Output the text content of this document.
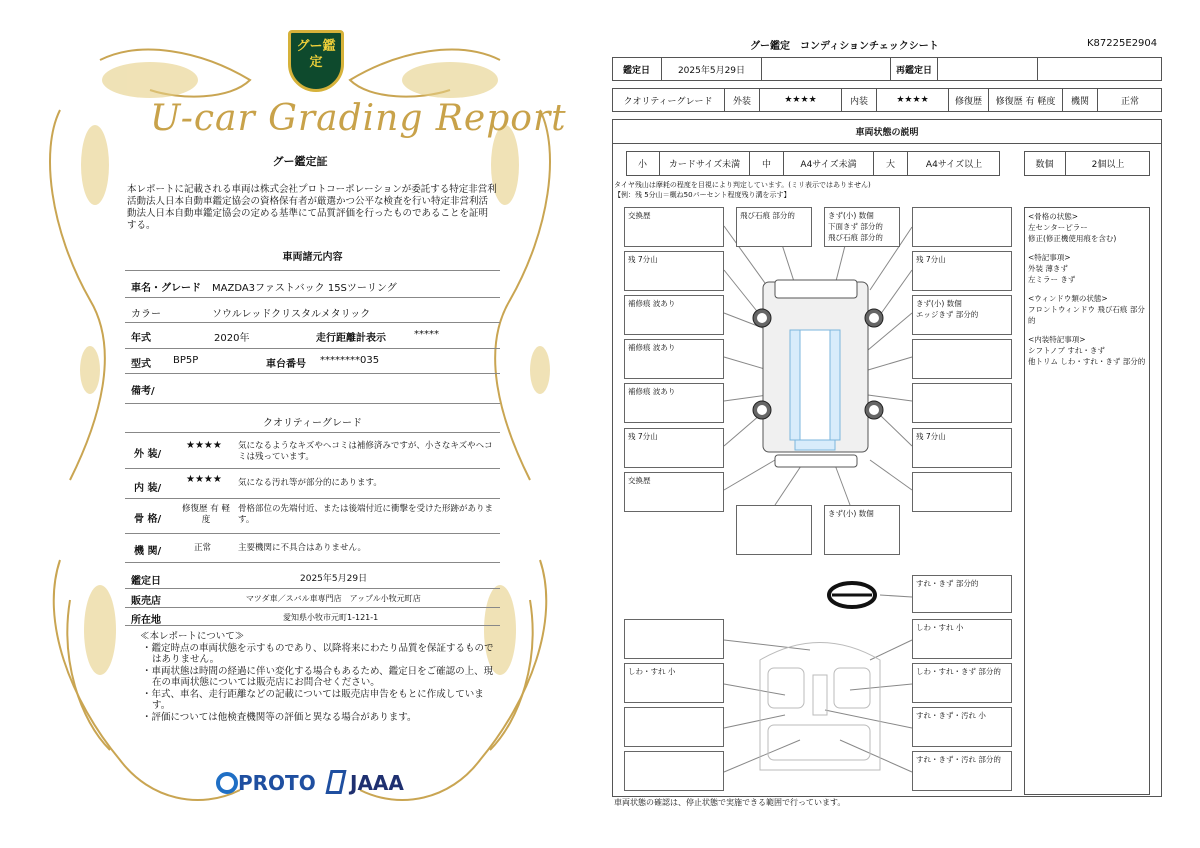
グー鑑定
U-car Grading Report
グー鑑定証
本レポートに記載される車両は株式会社プロトコーポレーションが委託する特定非営利活動法人日本自動車鑑定協会の資格保有者が厳選かつ公平な検査を行い特定非営利活動法人日本自動車鑑定協会の定める基準にて品質評価を行ったものであることを証明する。
車両諸元内容
車名・グレード MAZDA3ファストバック 15Sツーリング
カラー	ソウルレッドクリスタルメタリック
年式	2020年	走行距離計表示	*****
型式 BP5P	車台番号 ********035
備考/
クオリティーグレード
外 装/
★★★★ 気になるようなキズやヘコミは補修済みですが、小さなキズやヘコミは残っています。
内 装/
★★★★ 気になる汚れ等が部分的にあります。
骨 格/
修復歴 有 軽度
骨格部位の先端付近、または後端付近に衝撃を受けた形跡があります。
機 関/	正常	主要機関に不具合はありません。
鑑定日	2025年5月29日
販売店	マツダ車／スバル車専門店　アップル小牧元町店
所在地	愛知県小牧市元町1-121-1
≪本レポートについて≫

・鑑定時点の車両状態を示すものであり、以降将来にわたり品質を保証するものではありません。

・車両状態は時間の経過に伴い変化する場合もあるため、鑑定日をご確認の上、現在の車両状態については販売店にお問合せください。

・年式、車名、走行距離などの記載については販売店申告をもとに作成しています。

・評価については他検査機関等の評価と異なる場合があります。

PROTO JAAA
グー鑑定　コンディションチェックシート	K87225E2904
鑑定日	2025年5月29日	再鑑定日
クオリティーグレード	外装	★★★★	内装	★★★★	修復歴	修復歴 有 軽度	機関	正常
車両状態の説明
小	カードサイズ未満	中	A4サイズ未満	大	A4サイズ以上	数個	2個以上
タイヤ残山は摩耗の程度を目視により判定しています。(ミリ表示ではありません)
【例：残 5分山＝概ね50パーセント程度残り溝を示す】
交換歴	飛び石痕 部分的	きず(小) 数個
下面きず 部分的
飛び石痕 部分的
残 7分山	残 7分山
補修痕 波あり	きず(小) 数個
エッジきず 部分的
補修痕 波あり
補修痕 波あり
残 7分山	残 7分山
交換歴
きず(小) 数個
すれ・きず 部分的
しわ・すれ 小
しわ・すれ 小	しわ・すれ・きず 部分的
すれ・きず・汚れ 小
すれ・きず・汚れ 部分的
<骨格の状態>
左センターピラー
修正(修正機使用痕を含む)
<特記事項>
外装 薄きず
左ミラー きず
<ウィンドウ類の状態>
フロントウィンドウ 飛び石痕 部分的
<内装特記事項>
シフトノブ すれ・きず
他トリム しわ・すれ・きず 部分的
車両状態の確認は、停止状態で実施できる範囲で行っています。
